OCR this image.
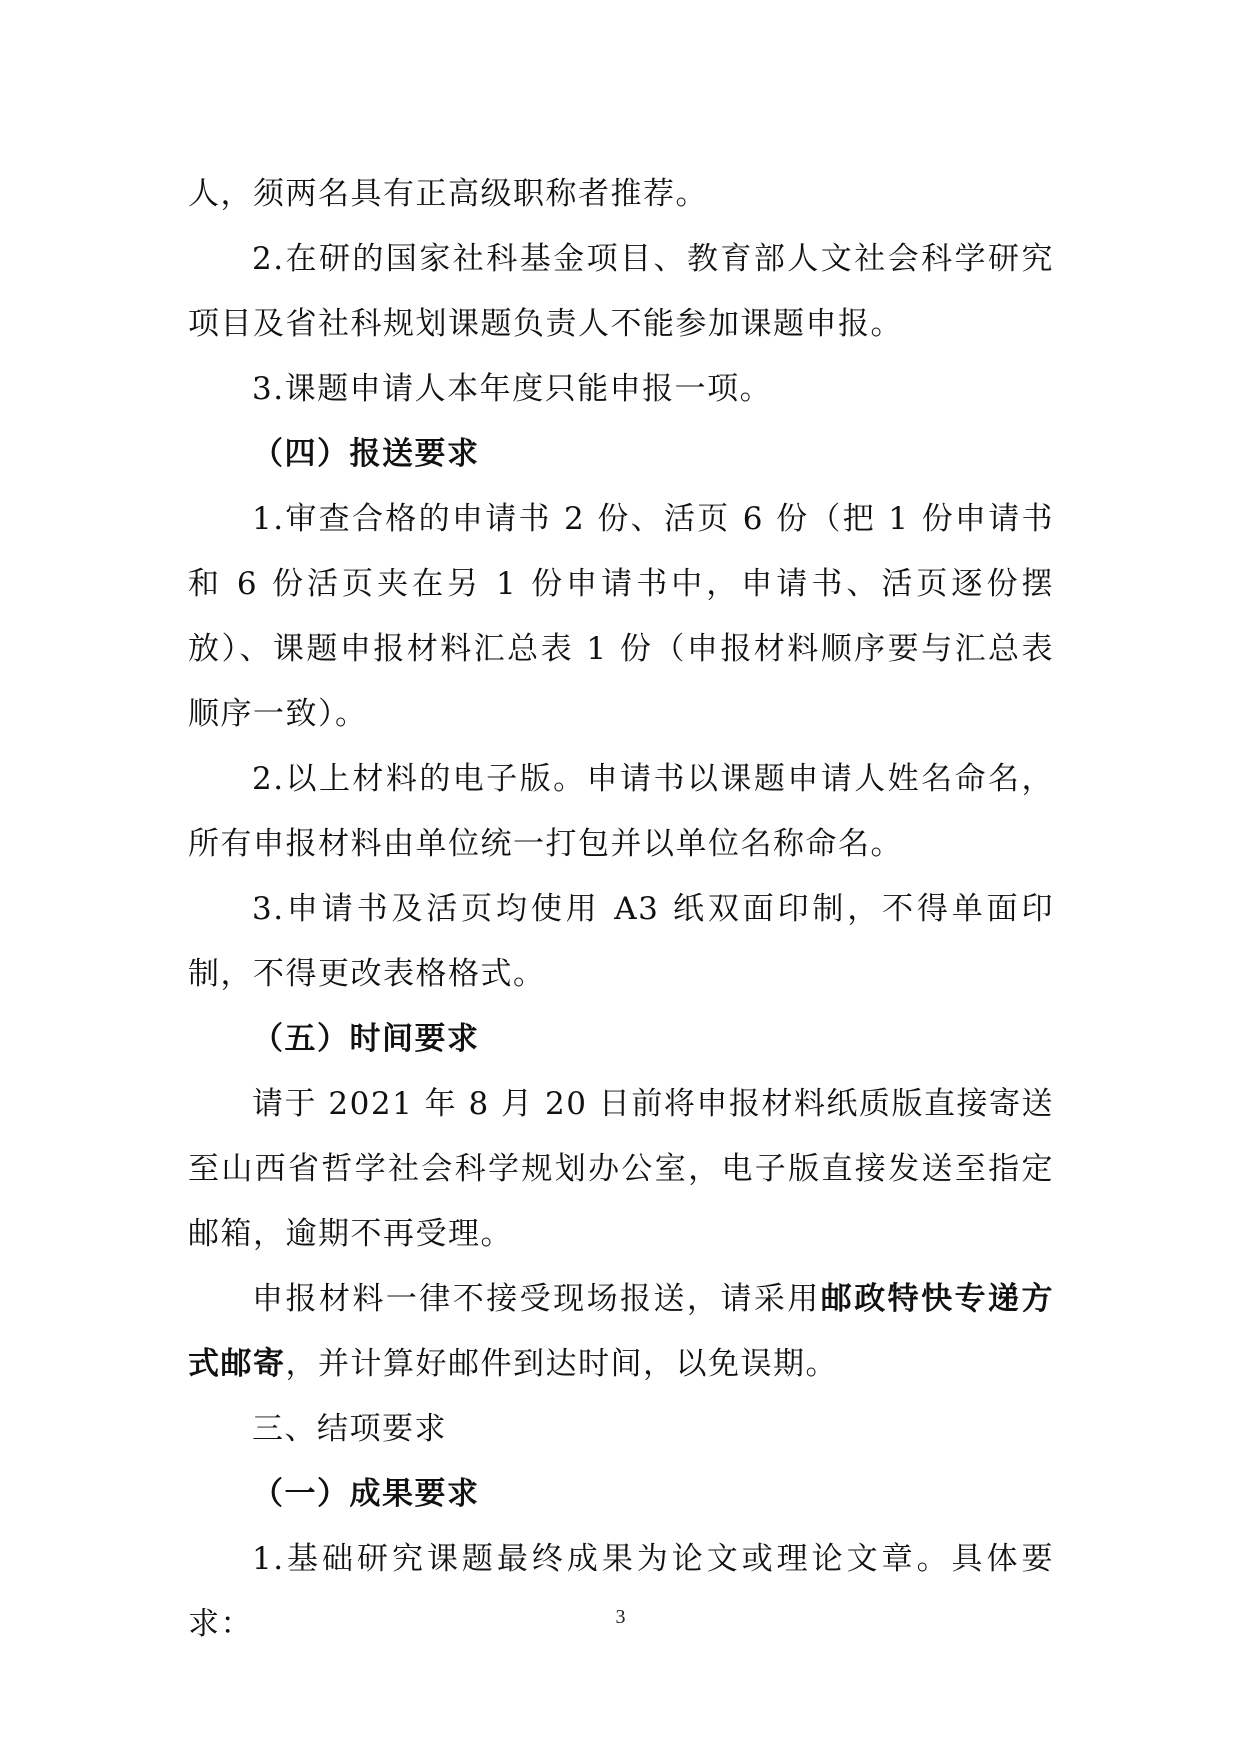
人，须两名具有正高级职称者推荐。

2.在研的国家社科基金项目、教育部人文社会科学研究项目及省社科规划课题负责人不能参加课题申报。

3.课题申请人本年度只能申报一项。

（四）报送要求

1.审查合格的申请书 2 份、活页 6 份（把 1 份申请书和 6 份活页夹在另 1 份申请书中，申请书、活页逐份摆放）、课题申报材料汇总表 1 份（申报材料顺序要与汇总表顺序一致）。

2.以上材料的电子版。申请书以课题申请人姓名命名，所有申报材料由单位统一打包并以单位名称命名。

3.申请书及活页均使用 A3 纸双面印制，不得单面印制，不得更改表格格式。

（五）时间要求

请于 2021 年 8 月 20 日前将申报材料纸质版直接寄送至山西省哲学社会科学规划办公室，电子版直接发送至指定邮箱，逾期不再受理。

申报材料一律不接受现场报送，请采用邮政特快专递方式邮寄，并计算好邮件到达时间，以免误期。

三、结项要求

（一）成果要求

1.基础研究课题最终成果为论文或理论文章。具体要求：	3
